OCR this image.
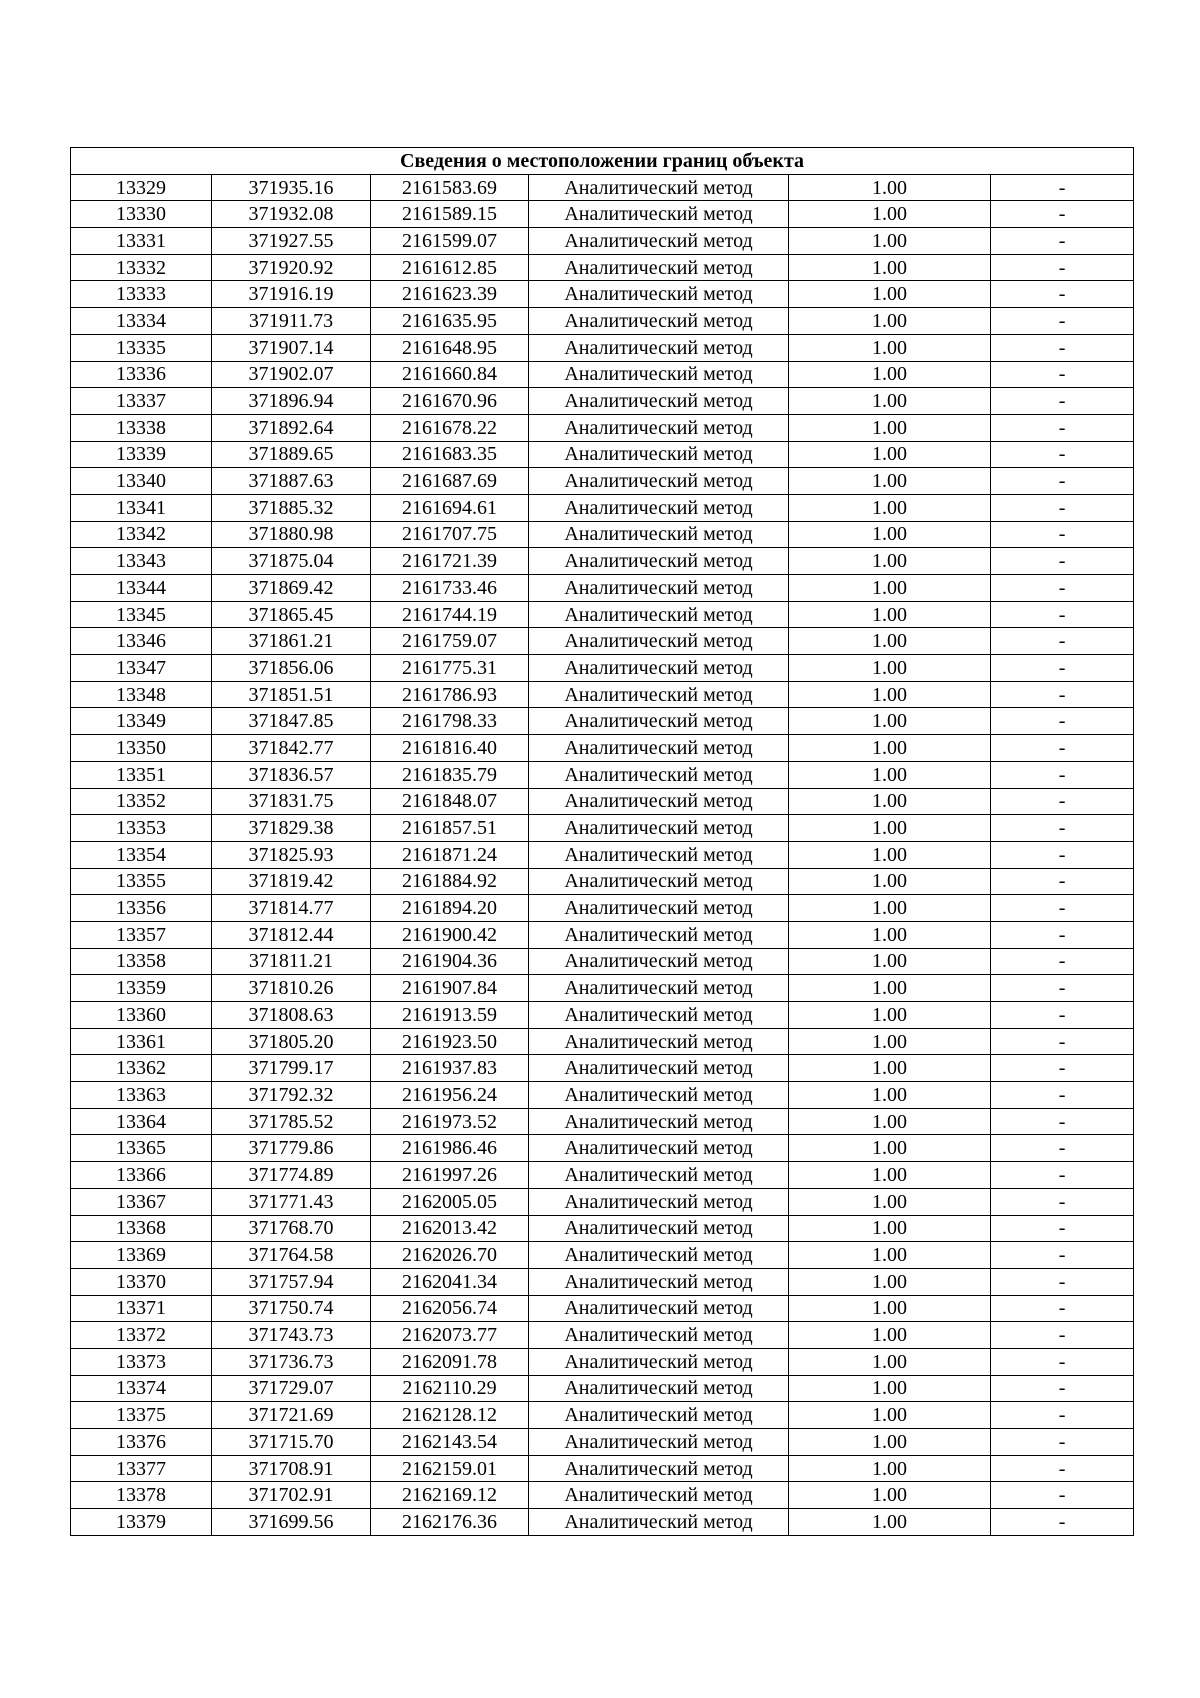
Сведения о местоположении границ объекта					
13329	371935.16	2161583.69	Аналитический метод	1.00	-
13330	371932.08	2161589.15	Аналитический метод	1.00	-
13331	371927.55	2161599.07	Аналитический метод	1.00	-
13332	371920.92	2161612.85	Аналитический метод	1.00	-
13333	371916.19	2161623.39	Аналитический метод	1.00	-
13334	371911.73	2161635.95	Аналитический метод	1.00	-
13335	371907.14	2161648.95	Аналитический метод	1.00	-
13336	371902.07	2161660.84	Аналитический метод	1.00	-
13337	371896.94	2161670.96	Аналитический метод	1.00	-
13338	371892.64	2161678.22	Аналитический метод	1.00	-
13339	371889.65	2161683.35	Аналитический метод	1.00	-
13340	371887.63	2161687.69	Аналитический метод	1.00	-
13341	371885.32	2161694.61	Аналитический метод	1.00	-
13342	371880.98	2161707.75	Аналитический метод	1.00	-
13343	371875.04	2161721.39	Аналитический метод	1.00	-
13344	371869.42	2161733.46	Аналитический метод	1.00	-
13345	371865.45	2161744.19	Аналитический метод	1.00	-
13346	371861.21	2161759.07	Аналитический метод	1.00	-
13347	371856.06	2161775.31	Аналитический метод	1.00	-
13348	371851.51	2161786.93	Аналитический метод	1.00	-
13349	371847.85	2161798.33	Аналитический метод	1.00	-
13350	371842.77	2161816.40	Аналитический метод	1.00	-
13351	371836.57	2161835.79	Аналитический метод	1.00	-
13352	371831.75	2161848.07	Аналитический метод	1.00	-
13353	371829.38	2161857.51	Аналитический метод	1.00	-
13354	371825.93	2161871.24	Аналитический метод	1.00	-
13355	371819.42	2161884.92	Аналитический метод	1.00	-
13356	371814.77	2161894.20	Аналитический метод	1.00	-
13357	371812.44	2161900.42	Аналитический метод	1.00	-
13358	371811.21	2161904.36	Аналитический метод	1.00	-
13359	371810.26	2161907.84	Аналитический метод	1.00	-
13360	371808.63	2161913.59	Аналитический метод	1.00	-
13361	371805.20	2161923.50	Аналитический метод	1.00	-
13362	371799.17	2161937.83	Аналитический метод	1.00	-
13363	371792.32	2161956.24	Аналитический метод	1.00	-
13364	371785.52	2161973.52	Аналитический метод	1.00	-
13365	371779.86	2161986.46	Аналитический метод	1.00	-
13366	371774.89	2161997.26	Аналитический метод	1.00	-
13367	371771.43	2162005.05	Аналитический метод	1.00	-
13368	371768.70	2162013.42	Аналитический метод	1.00	-
13369	371764.58	2162026.70	Аналитический метод	1.00	-
13370	371757.94	2162041.34	Аналитический метод	1.00	-
13371	371750.74	2162056.74	Аналитический метод	1.00	-
13372	371743.73	2162073.77	Аналитический метод	1.00	-
13373	371736.73	2162091.78	Аналитический метод	1.00	-
13374	371729.07	2162110.29	Аналитический метод	1.00	-
13375	371721.69	2162128.12	Аналитический метод	1.00	-
13376	371715.70	2162143.54	Аналитический метод	1.00	-
13377	371708.91	2162159.01	Аналитический метод	1.00	-
13378	371702.91	2162169.12	Аналитический метод	1.00	-
13379	371699.56	2162176.36	Аналитический метод	1.00	-
